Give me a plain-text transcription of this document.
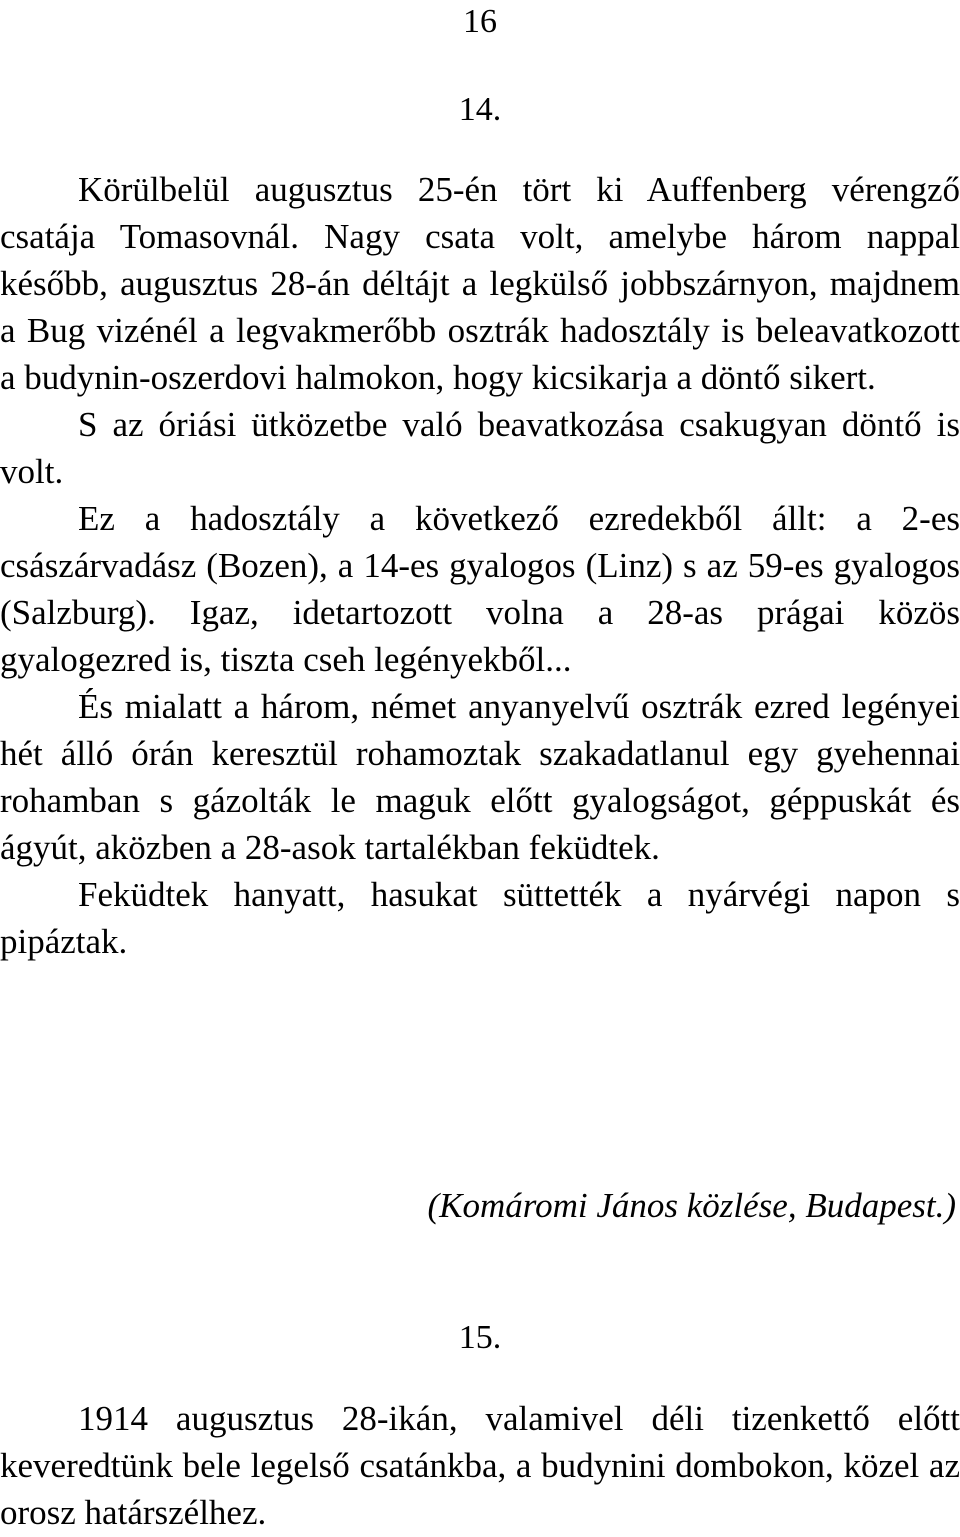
16
14.

Körülbelül augusztus 25-én tört ki Auffenberg vérengző csatája Tomasovnál. Nagy csata volt, amelybe három nappal később, augusztus 28-án déltájt a legkülső jobbszárnyon, majdnem a Bug vizénél a legvakmerőbb osztrák hadosztály is beleavatkozott a budynin-oszerdovi halmokon, hogy kicsikarja a döntő sikert.

S az óriási ütközetbe való beavatkozása csakugyan döntő is volt.

Ez a hadosztály a következő ezredekből állt: a 2-es császárvadász (Bozen), a 14-es gyalogos (Linz) s az 59-es gyalogos (Salzburg). Igaz, idetartozott volna a 28-as prágai közös gyalogezred is, tiszta cseh legényekből...

És mialatt a három, német anyanyelvű osztrák ezred legényei hét álló órán keresztül rohamoztak szakadatlanul egy gyehennai rohamban s gázolták le maguk előtt gyalogságot, géppuskát és ágyút, aközben a 28-asok tartalékban feküdtek.

Feküdtek hanyatt, hasukat süttették a nyárvégi napon s pipáztak.

(Komáromi János közlése, Budapest.)
15.

1914 augusztus 28-ikán, valamivel déli tizenkettő előtt keveredtünk bele legelső csatánkba, a budynini dombokon, közel az orosz határszélhez.
